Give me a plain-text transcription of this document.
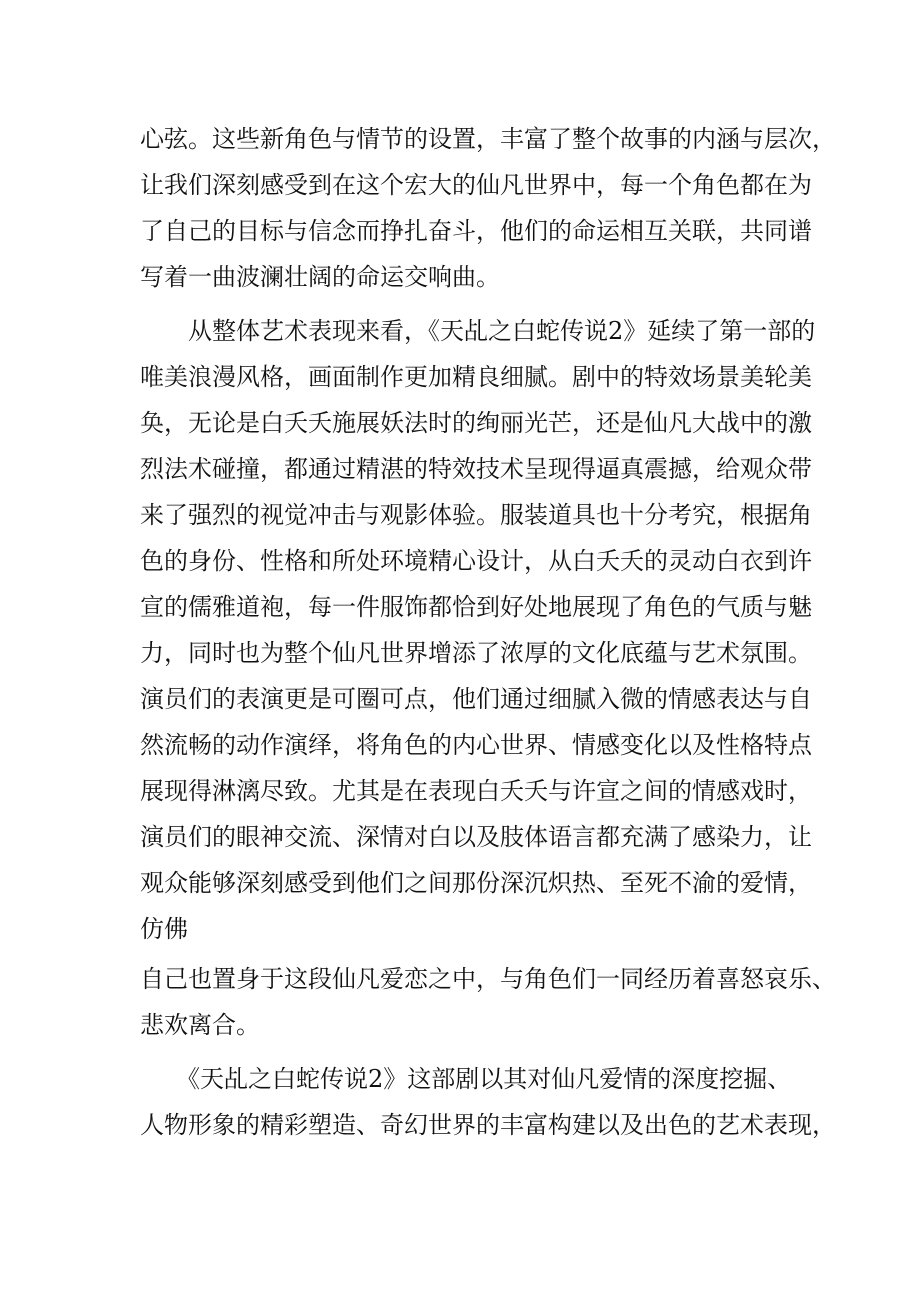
心弦。这些新角色与情节的设置，丰富了整个故事的内涵与层次，
让我们深刻感受到在这个宏大的仙凡世界中，每一个角色都在为
了自己的目标与信念而挣扎奋斗，他们的命运相互关联，共同谱
写着一曲波澜壮阔的命运交响曲。
　　从整体艺术表现来看，《天乩之白蛇传说2》延续了第一部的
唯美浪漫风格，画面制作更加精良细腻。剧中的特效场景美轮美
奂，无论是白夭夭施展妖法时的绚丽光芒，还是仙凡大战中的激
烈法术碰撞，都通过精湛的特效技术呈现得逼真震撼，给观众带
来了强烈的视觉冲击与观影体验。服装道具也十分考究，根据角
色的身份、性格和所处环境精心设计，从白夭夭的灵动白衣到许
宣的儒雅道袍，每一件服饰都恰到好处地展现了角色的气质与魅
力，同时也为整个仙凡世界增添了浓厚的文化底蕴与艺术氛围。
演员们的表演更是可圈可点，他们通过细腻入微的情感表达与自
然流畅的动作演绎，将角色的内心世界、情感变化以及性格特点
展现得淋漓尽致。尤其是在表现白夭夭与许宣之间的情感戏时，
演员们的眼神交流、深情对白以及肢体语言都充满了感染力，让
观众能够深刻感受到他们之间那份深沉炽热、至死不渝的爱情，
仿佛
自己也置身于这段仙凡爱恋之中，与角色们一同经历着喜怒哀乐、
悲欢离合。
　　《天乩之白蛇传说2》这部剧以其对仙凡爱情的深度挖掘、
人物形象的精彩塑造、奇幻世界的丰富构建以及出色的艺术表现，
